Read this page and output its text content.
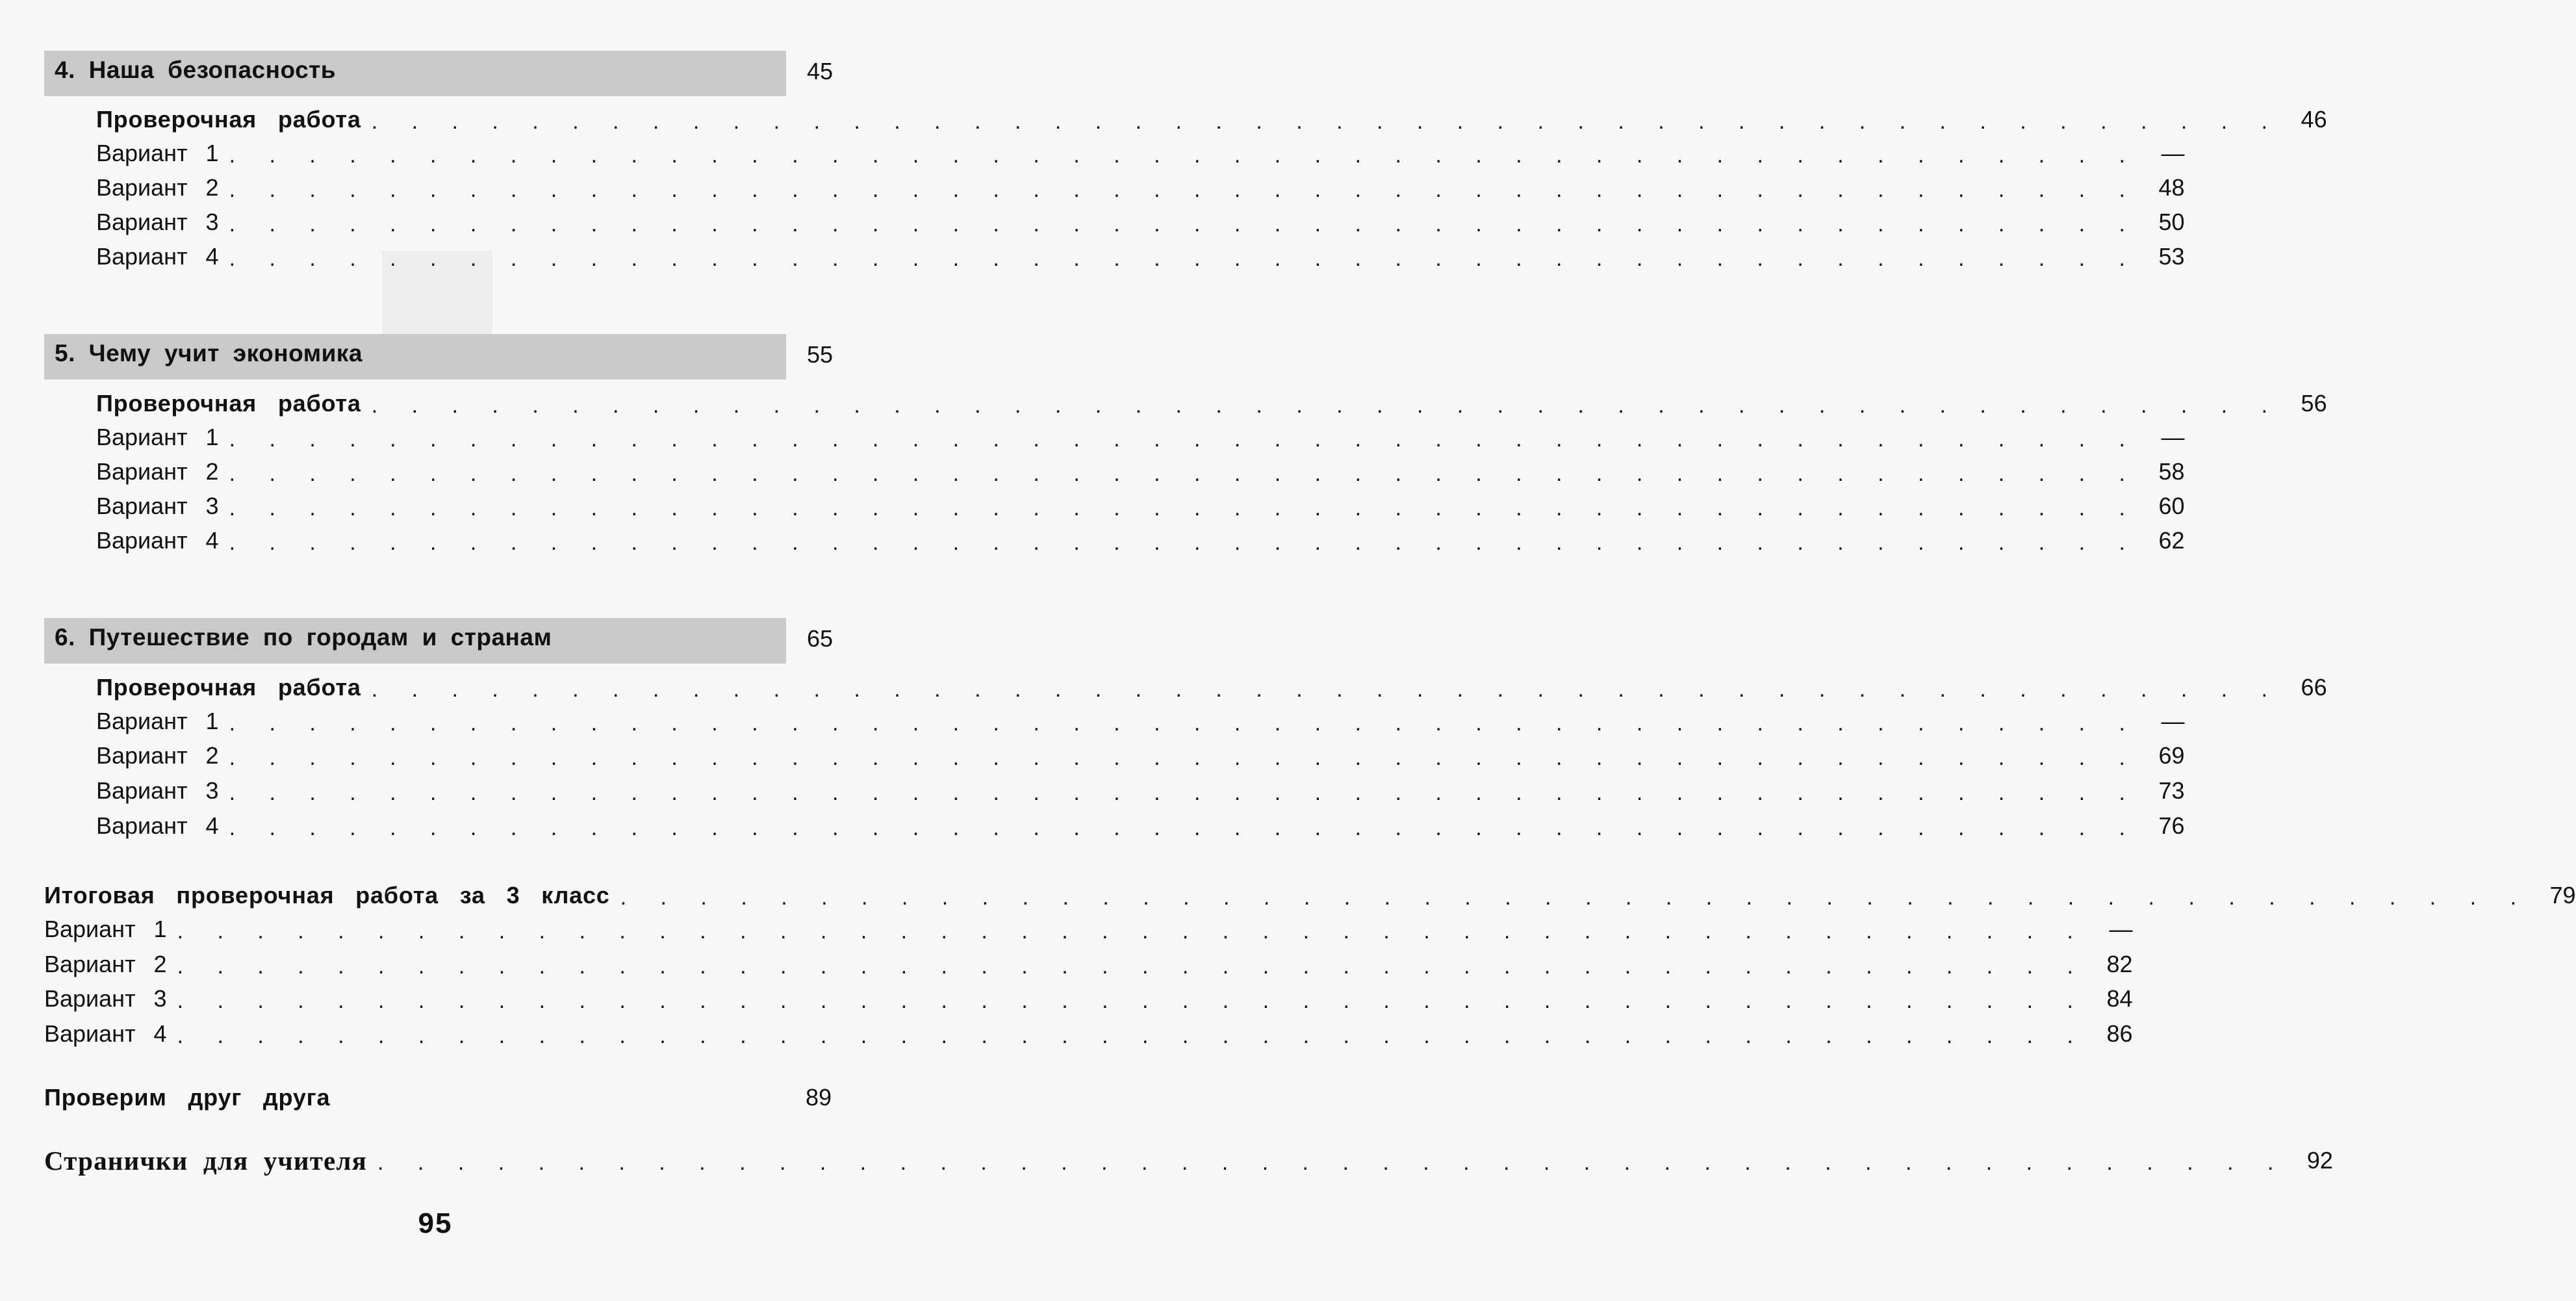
4. Наша безопасность	45
Проверочная работа . . . . . . . . . . . . . . . . . . . . . . . . . . . . . . . . . . . . . . . . . . . . . . . . 46
Вариант 1 . . . . . . . . . . . . . . . . . . . . . . . . . . . . . . . . . . . . . . . . . . . . . . . . —
Вариант 2 . . . . . . . . . . . . . . . . . . . . . . . . . . . . . . . . . . . . . . . . . . . . . . . . 48
Вариант 3 . . . . . . . . . . . . . . . . . . . . . . . . . . . . . . . . . . . . . . . . . . . . . . . . 50
Вариант 4 . . . . . . . . . . . . . . . . . . . . . . . . . . . . . . . . . . . . . . . . . . . . . . . . 53
5. Чему учит экономика	55
Проверочная работа . . . . . . . . . . . . . . . . . . . . . . . . . . . . . . . . . . . . . . . . . . . . . . . . 56
Вариант 1 . . . . . . . . . . . . . . . . . . . . . . . . . . . . . . . . . . . . . . . . . . . . . . . . —
Вариант 2 . . . . . . . . . . . . . . . . . . . . . . . . . . . . . . . . . . . . . . . . . . . . . . . . 58
Вариант 3 . . . . . . . . . . . . . . . . . . . . . . . . . . . . . . . . . . . . . . . . . . . . . . . . 60
Вариант 4 . . . . . . . . . . . . . . . . . . . . . . . . . . . . . . . . . . . . . . . . . . . . . . . . 62
6. Путешествие по городам и странам	65
Проверочная работа . . . . . . . . . . . . . . . . . . . . . . . . . . . . . . . . . . . . . . . . . . . . . . . . 66
Вариант 1 . . . . . . . . . . . . . . . . . . . . . . . . . . . . . . . . . . . . . . . . . . . . . . . . —
Вариант 2 . . . . . . . . . . . . . . . . . . . . . . . . . . . . . . . . . . . . . . . . . . . . . . . . 69
Вариант 3 . . . . . . . . . . . . . . . . . . . . . . . . . . . . . . . . . . . . . . . . . . . . . . . . 73
Вариант 4 . . . . . . . . . . . . . . . . . . . . . . . . . . . . . . . . . . . . . . . . . . . . . . . . 76
Итоговая проверочная работа за 3 класс . . . . . . . . . . . . . . . . . . . . . . . . . . . . . . . . . . . . . . . . . . . . . . . . 79
Вариант 1 . . . . . . . . . . . . . . . . . . . . . . . . . . . . . . . . . . . . . . . . . . . . . . . . —
Вариант 2 . . . . . . . . . . . . . . . . . . . . . . . . . . . . . . . . . . . . . . . . . . . . . . . . 82
Вариант 3 . . . . . . . . . . . . . . . . . . . . . . . . . . . . . . . . . . . . . . . . . . . . . . . . 84
Вариант 4 . . . . . . . . . . . . . . . . . . . . . . . . . . . . . . . . . . . . . . . . . . . . . . . . 86
Проверим друг друга	89
Странички для учителя . . . . . . . . . . . . . . . . . . . . . . . . . . . . . . . . . . . . . . . . . . . . . . . . 92
95
